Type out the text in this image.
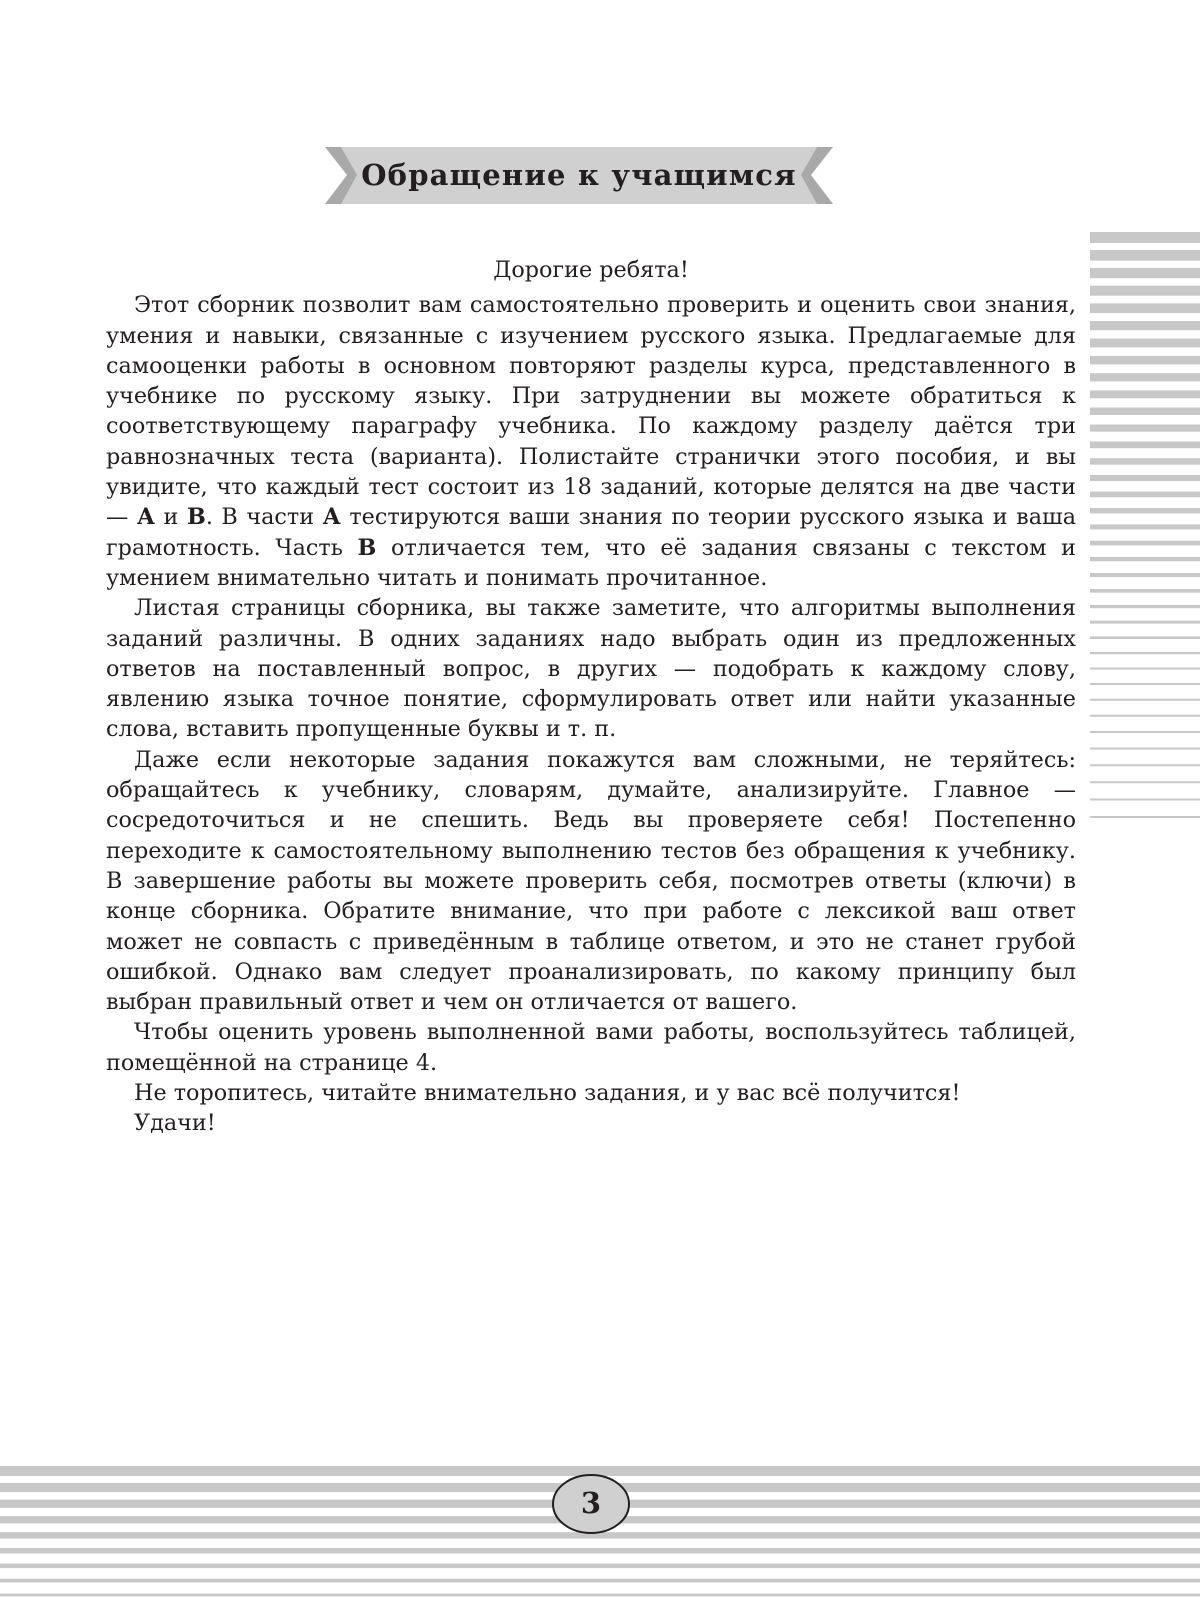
Обращение к учащимся
Дорогие ребята!

Этот сборник позволит вам самостоятельно проверить и оценить свои знания, умения и навыки, связанные с изучением русского языка. Предлагаемые для самооценки работы в основном повторяют разделы курса, представленного в учебнике по русскому языку. При затруднении вы можете обратиться к соответствующему параграфу учебника. По каждому разделу даётся три равнозначных теста (варианта). Полистайте странички этого пособия, и вы увидите, что каждый тест состоит из 18 заданий, которые делятся на две части — А и В. В части А тестируются ваши знания по теории русского языка и ваша грамотность. Часть В отличается тем, что её задания связаны с текстом и умением внимательно читать и понимать прочитанное.

Листая страницы сборника, вы также заметите, что алгоритмы выполнения заданий различны. В одних заданиях надо выбрать один из предложенных ответов на поставленный вопрос, в других — подобрать к каждому слову, явлению языка точное понятие, сформулировать ответ или найти указанные слова, вставить пропущенные буквы и т. п.

Даже если некоторые задания покажутся вам сложными, не теряйтесь: обращайтесь к учебнику, словарям, думайте, анализируйте. Главное — сосредоточиться и не спешить. Ведь вы проверяете себя! Постепенно переходите к самостоятельному выполнению тестов без обращения к учебнику. В завершение работы вы можете проверить себя, посмотрев ответы (ключи) в конце сборника. Обратите внимание, что при работе с лексикой ваш ответ может не совпасть с приведённым в таблице ответом, и это не станет грубой ошибкой. Однако вам следует проанализировать, по какому принципу был выбран правильный ответ и чем он отличается от вашего.

Чтобы оценить уровень выполненной вами работы, воспользуйтесь таблицей, помещённой на странице 4.

Не торопитесь, читайте внимательно задания, и у вас всё получится!

Удачи!

3
